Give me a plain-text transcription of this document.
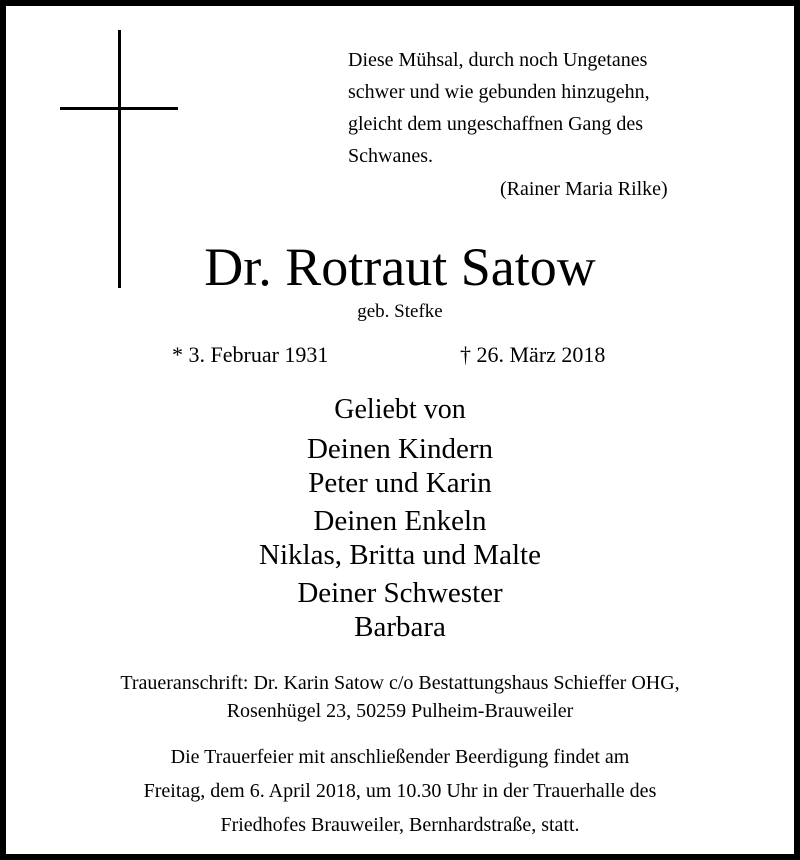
Diese Mühsal, durch noch Ungetanes
schwer und wie gebunden hinzugehn,
gleicht dem ungeschaffnen Gang des
Schwanes.
(Rainer Maria Rilke)
Dr. Rotraut Satow
geb. Stefke
* 3. Februar 1931	† 26. März 2018
Geliebt von
Deinen Kindern
Peter und Karin
Deinen Enkeln
Niklas, Britta und Malte
Deiner Schwester
Barbara
Traueranschrift: Dr. Karin Satow c/o Bestattungshaus Schieffer OHG,
Rosenhügel 23, 50259 Pulheim-Brauweiler
Die Trauerfeier mit anschließender Beerdigung findet am
Freitag, dem 6. April 2018, um 10.30 Uhr in der Trauerhalle des
Friedhofes Brauweiler, Bernhardstraße, statt.
